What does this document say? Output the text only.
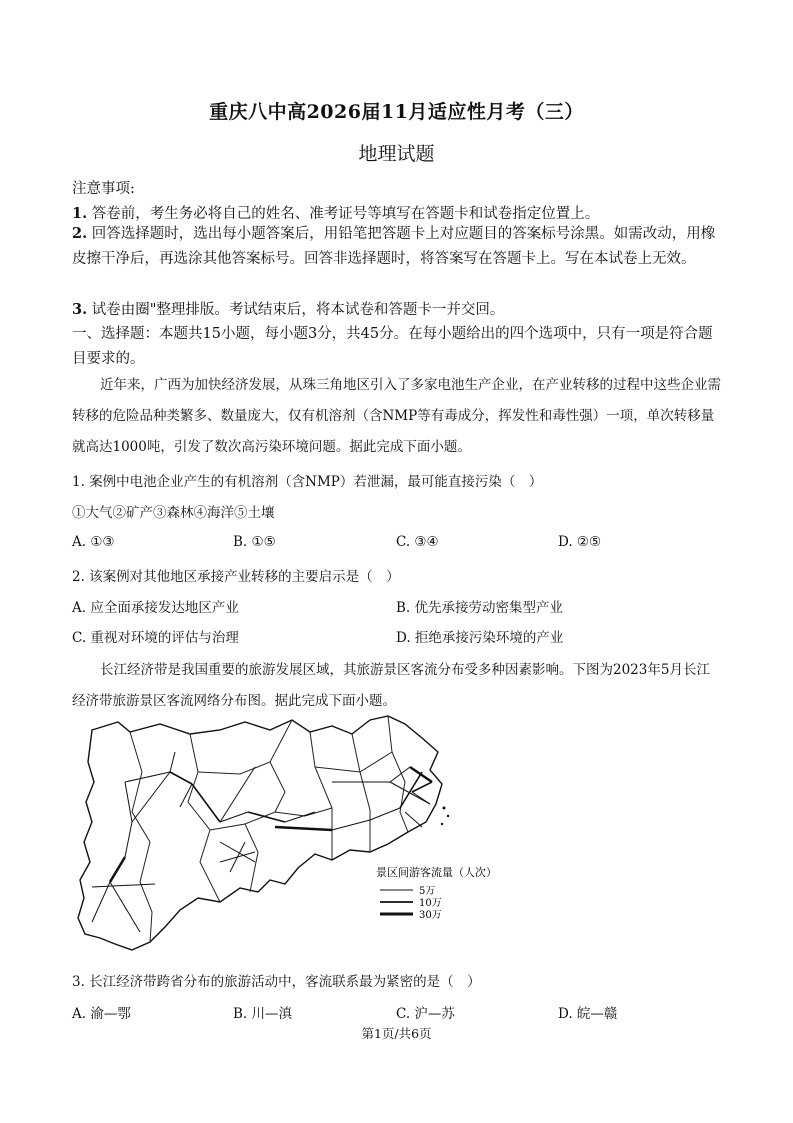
重庆八中高2026届11月适应性月考（三）
地理试题
注意事项:
1. 答卷前，考生务必将自己的姓名、准考证号等填写在答题卡和试卷指定位置上。
2. 回答选择题时，选出每小题答案后，用铅笔把答题卡上对应题目的答案标号涂黑。如需改动，用橡皮擦干净后，再选涂其他答案标号。回答非选择题时，将答案写在答题卡上。写在本试卷上无效。
3. 试卷由圈"整理排版。考试结束后，将本试卷和答题卡一并交回。
一、选择题：本题共15小题，每小题3分，共45分。在每小题给出的四个选项中，只有一项是符合题目要求的。
近年来，广西为加快经济发展，从珠三角地区引入了多家电池生产企业，在产业转移的过程中这些企业需转移的危险品种类繁多、数量庞大，仅有机溶剂（含NMP等有毒成分，挥发性和毒性强）一项，单次转移量就高达1000吨，引发了数次高污染环境问题。据此完成下面小题。
1. 案例中电池企业产生的有机溶剂（含NMP）若泄漏，最可能直接污染（　）
①大气②矿产③森林④海洋⑤土壤
A. ①③	B. ①⑤	C. ③④	D. ②⑤
2. 该案例对其他地区承接产业转移的主要启示是（　）
A. 应全面承接发达地区产业	B. 优先承接劳动密集型产业
C. 重视对环境的评估与治理	D. 拒绝承接污染环境的产业
长江经济带是我国重要的旅游发展区域，其旅游景区客流分布受多种因素影响。下图为2023年5月长江经济带旅游景区客流网络分布图。据此完成下面小题。
景区间游客流量（人次）
5万
10万
30万
3. 长江经济带跨省分布的旅游活动中，客流联系最为紧密的是（　）
A. 渝—鄂	B. 川—滇	C. 沪—苏	D. 皖—赣
第1页/共6页
